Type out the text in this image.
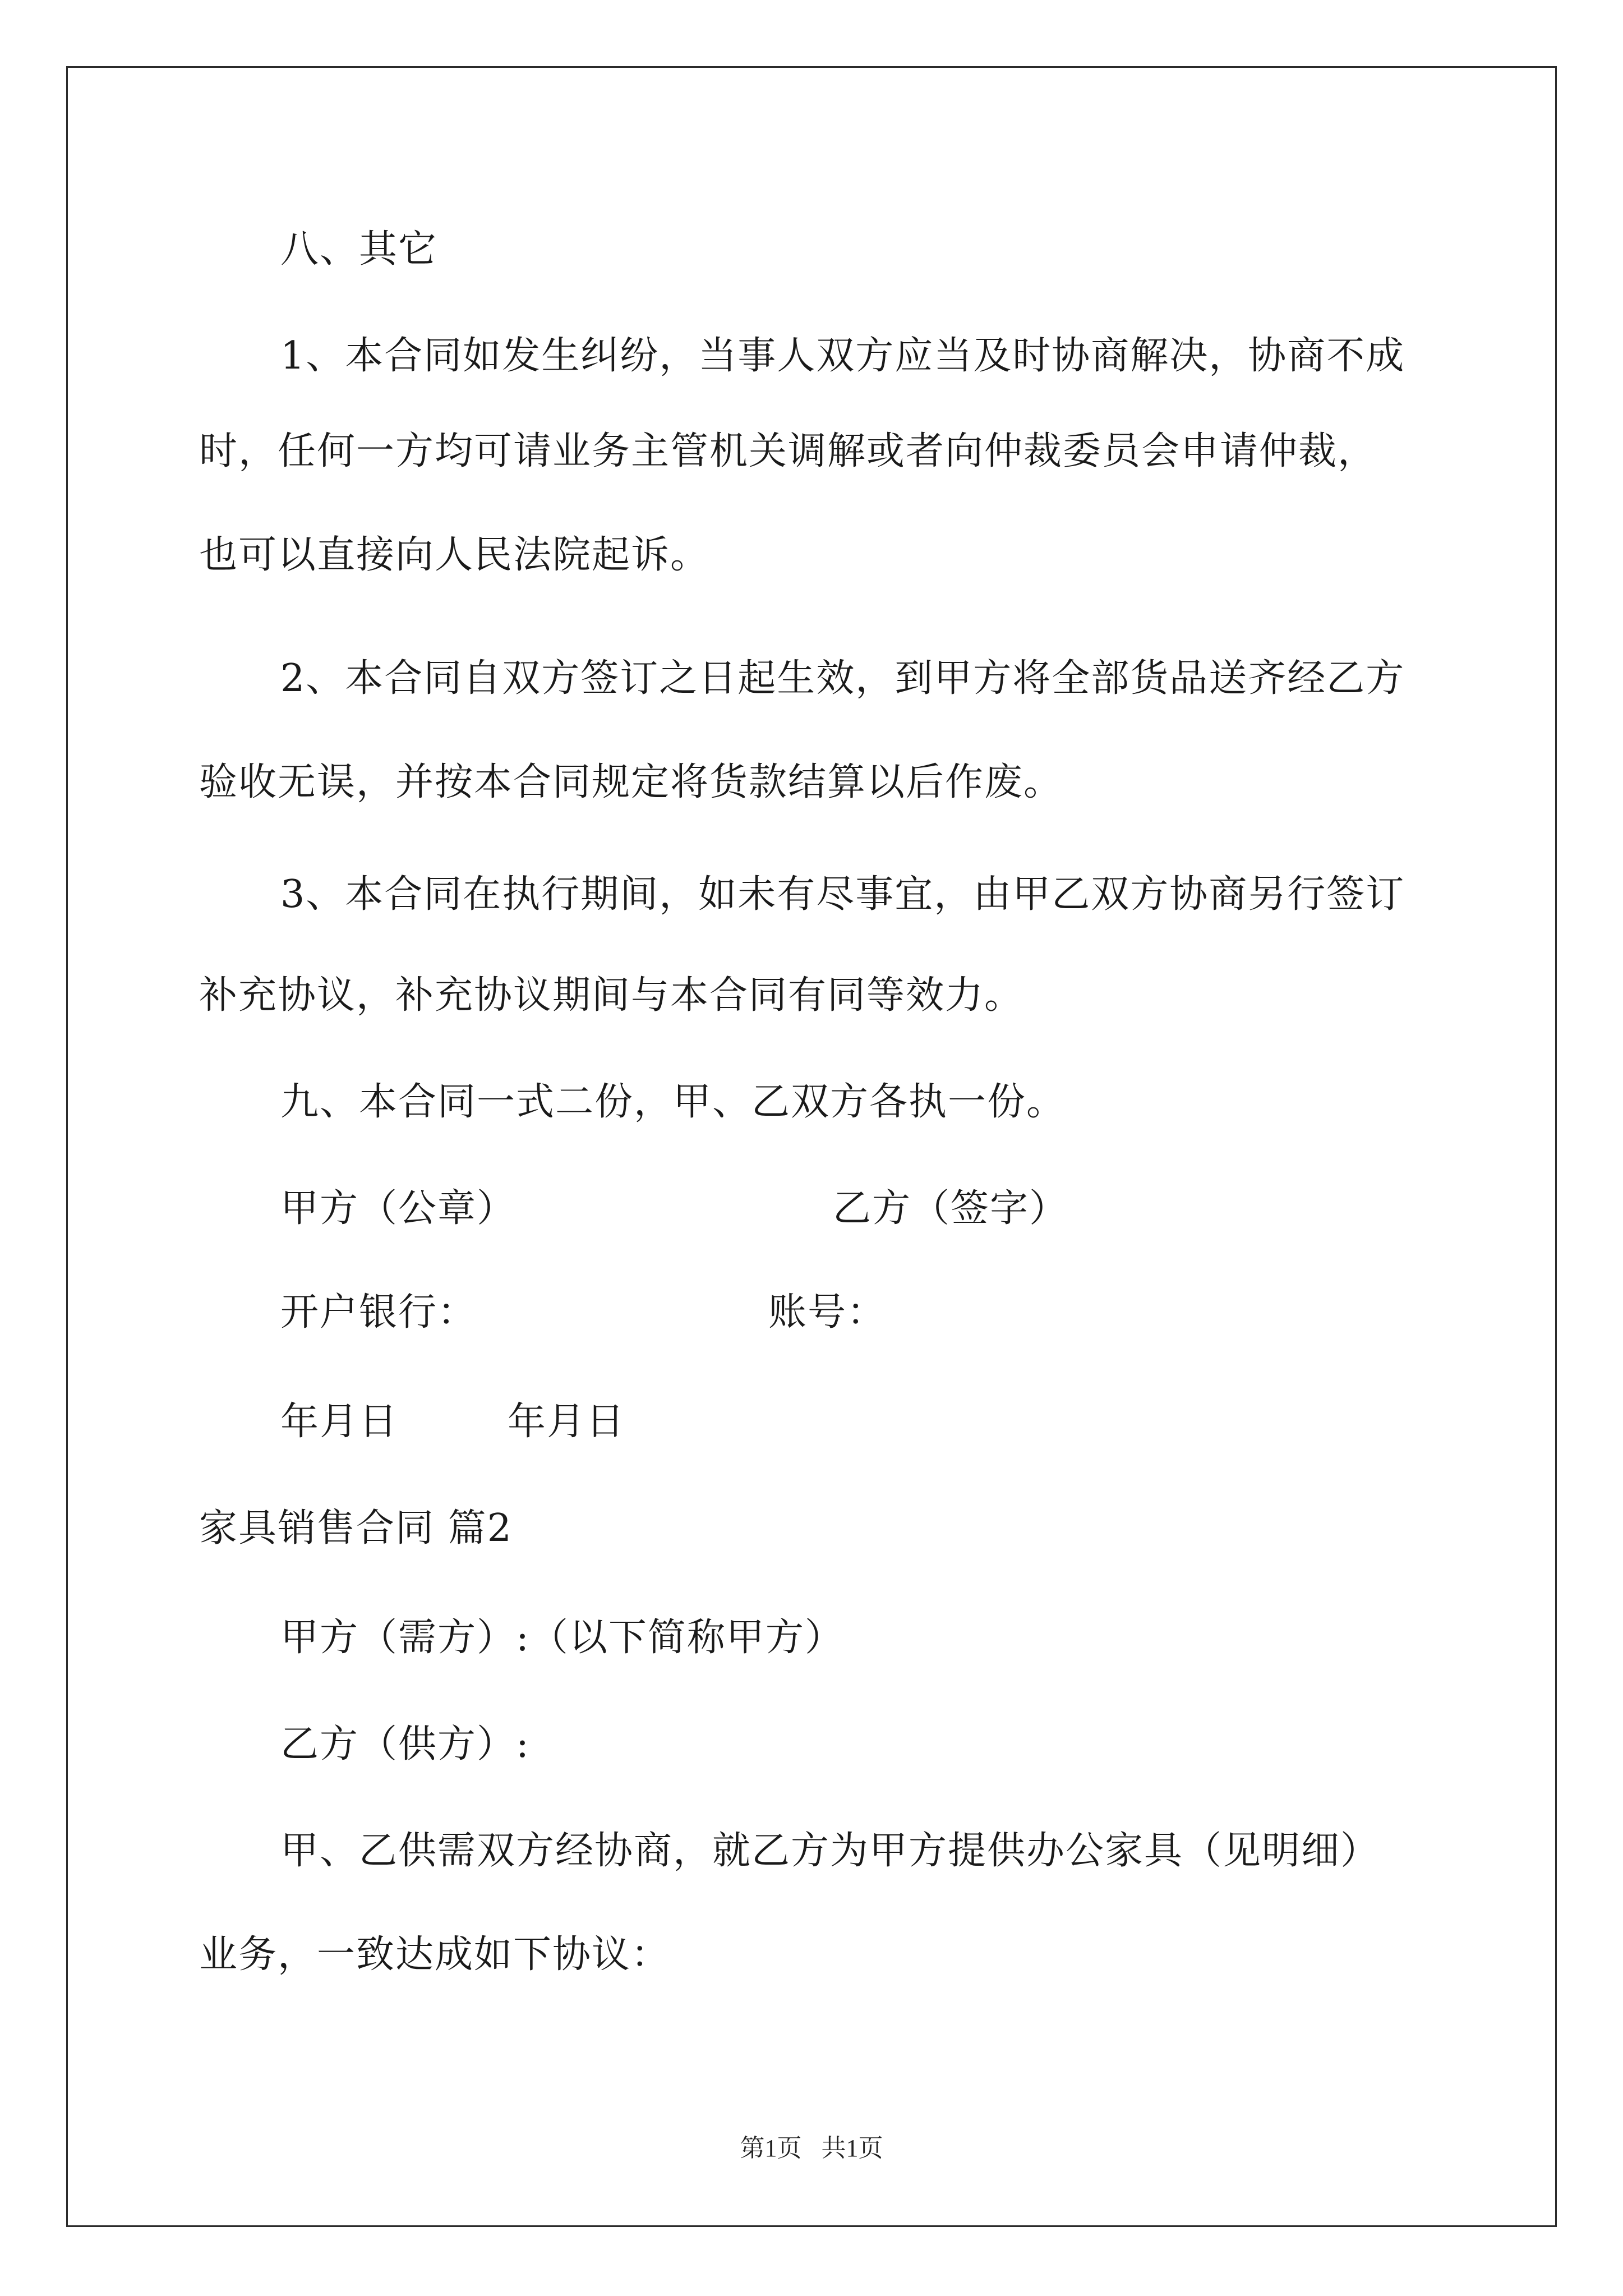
八、其它
1、本合同如发生纠纷，当事人双方应当及时协商解决，协商不成
时，任何一方均可请业务主管机关调解或者向仲裁委员会申请仲裁，
也可以直接向人民法院起诉。
2、本合同自双方签订之日起生效，到甲方将全部货品送齐经乙方
验收无误，并按本合同规定将货款结算以后作废。
3、本合同在执行期间，如未有尽事宜，由甲乙双方协商另行签订
补充协议，补充协议期间与本合同有同等效力。
九、本合同一式二份，甲、乙双方各执一份。
甲方（公章）	乙方（签字）
开户银行：	账号：
年月日	年月日
家具销售合同 篇2
甲方（需方）:（以下简称甲方）
乙方（供方）:
甲、乙供需双方经协商，就乙方为甲方提供办公家具（见明细）
业务，一致达成如下协议：
第1页 共1页
